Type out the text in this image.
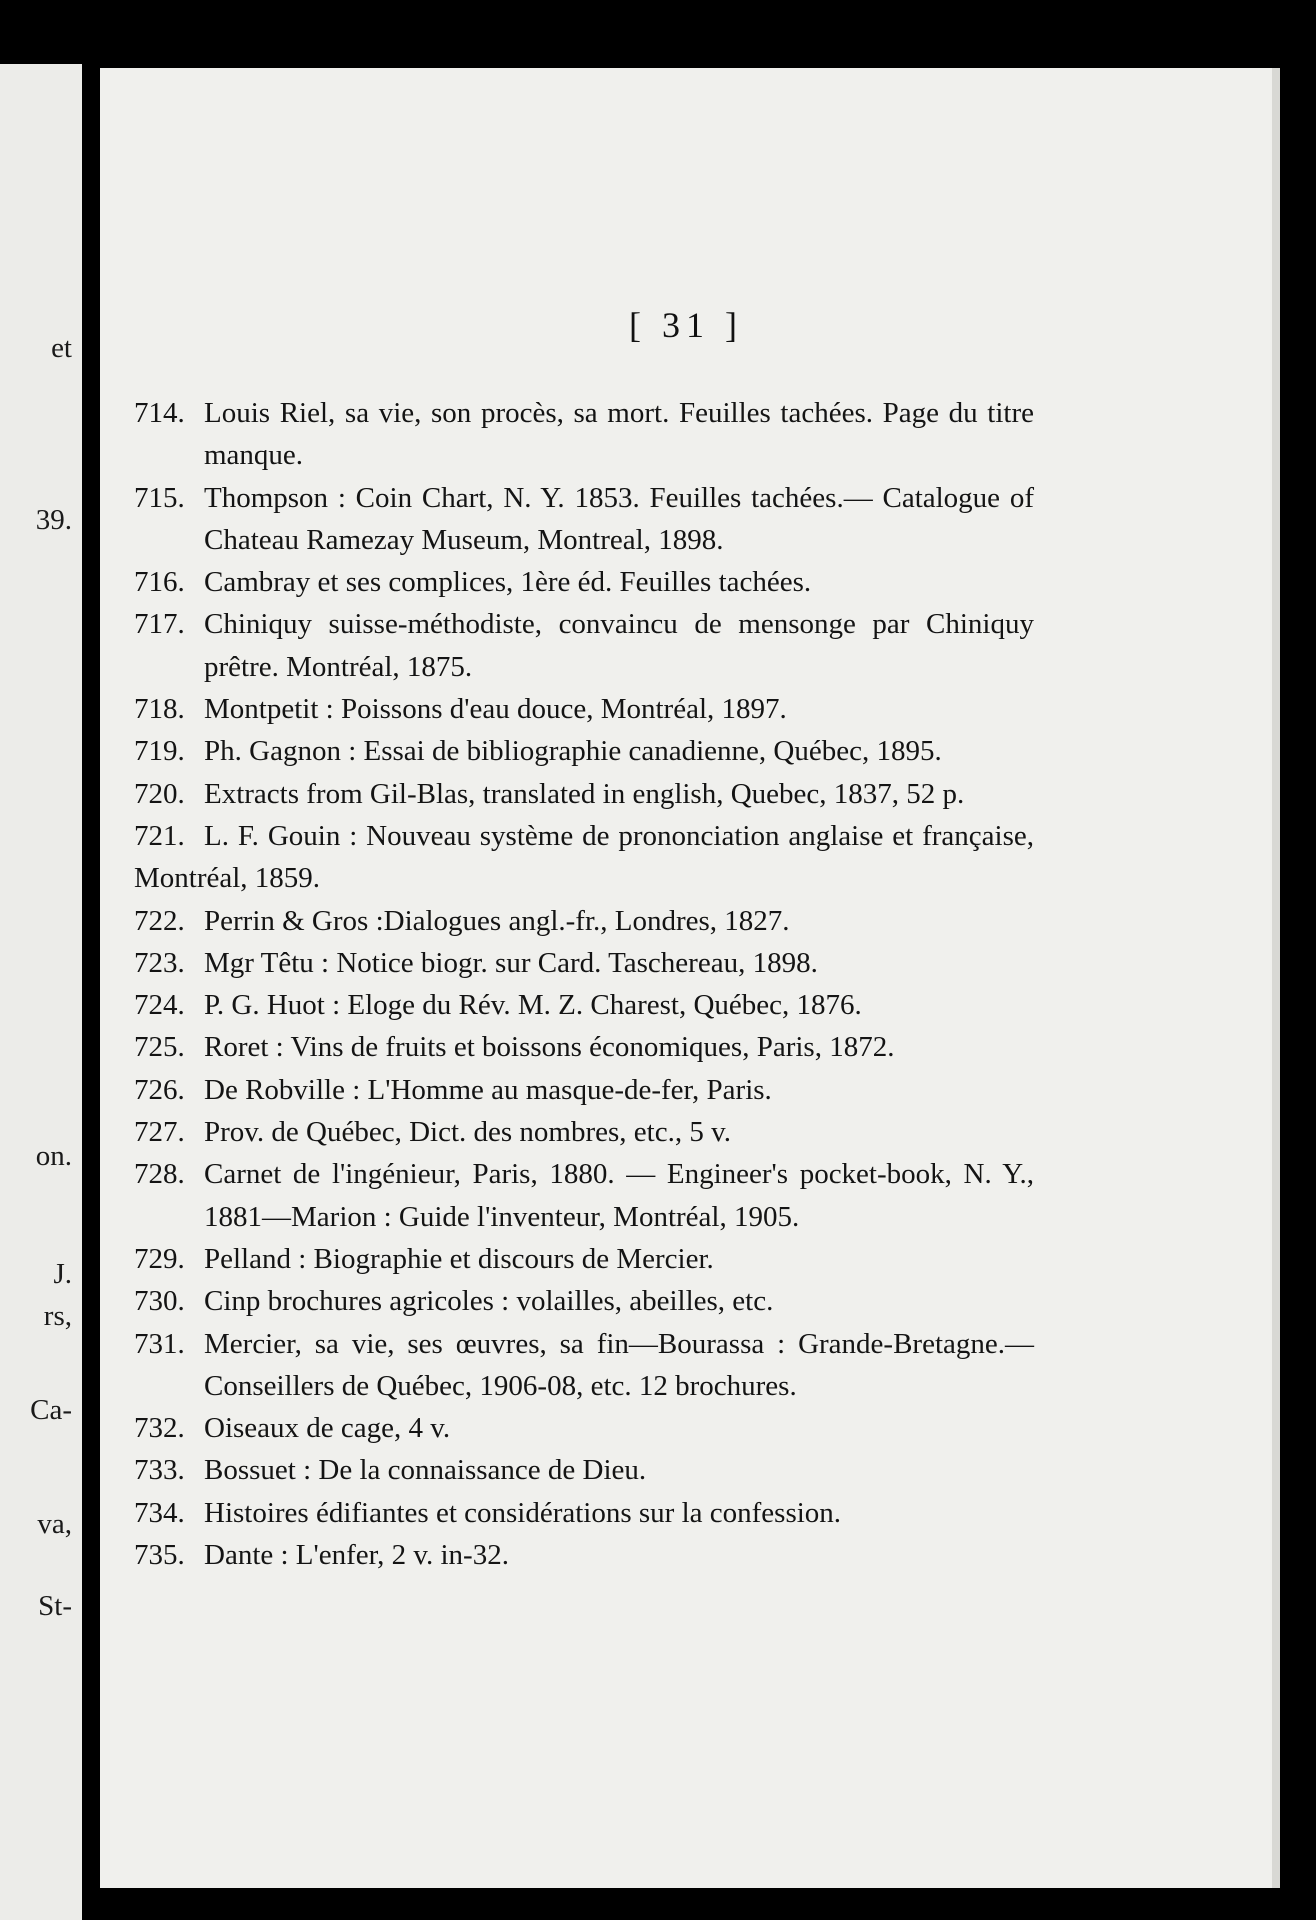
et
39.
on.
J.
rs,
Ca-
va,
St-
[ 31 ]

714. Louis Riel, sa vie, son procès, sa mort. Feuilles tachées. Page du titre manque.

715. Thompson : Coin Chart, N. Y. 1853. Feuilles tachées.— Catalogue of Chateau Ramezay Museum, Montreal, 1898.

716. Cambray et ses complices, 1ère éd. Feuilles tachées.

717. Chiniquy suisse-méthodiste, convaincu de mensonge par Chiniquy prêtre. Montréal, 1875.

718. Montpetit : Poissons d'eau douce, Montréal, 1897.

719. Ph. Gagnon : Essai de bibliographie canadienne, Québec, 1895.

720. Extracts from Gil-Blas, translated in english, Quebec, 1837, 52 p.

721. L. F. Gouin : Nouveau système de prononciation anglaise et française, Montréal, 1859.

722. Perrin & Gros :Dialogues angl.-fr., Londres, 1827.

723. Mgr Têtu : Notice biogr. sur Card. Taschereau, 1898.

724. P. G. Huot : Eloge du Rév. M. Z. Charest, Québec, 1876.

725. Roret : Vins de fruits et boissons économiques, Paris, 1872.

726. De Robville : L'Homme au masque-de-fer, Paris.

727. Prov. de Québec, Dict. des nombres, etc., 5 v.

728. Carnet de l'ingénieur, Paris, 1880. — Engineer's pocket-book, N. Y., 1881—Marion : Guide l'inventeur, Montréal, 1905.

729. Pelland : Biographie et discours de Mercier.

730. Cinp brochures agricoles : volailles, abeilles, etc.

731. Mercier, sa vie, ses œuvres, sa fin—Bourassa : Grande-Bretagne.—Conseillers de Québec, 1906-08, etc. 12 brochures.

732. Oiseaux de cage, 4 v.

733. Bossuet : De la connaissance de Dieu.

734. Histoires édifiantes et considérations sur la confession.

735. Dante : L'enfer, 2 v. in-32.
